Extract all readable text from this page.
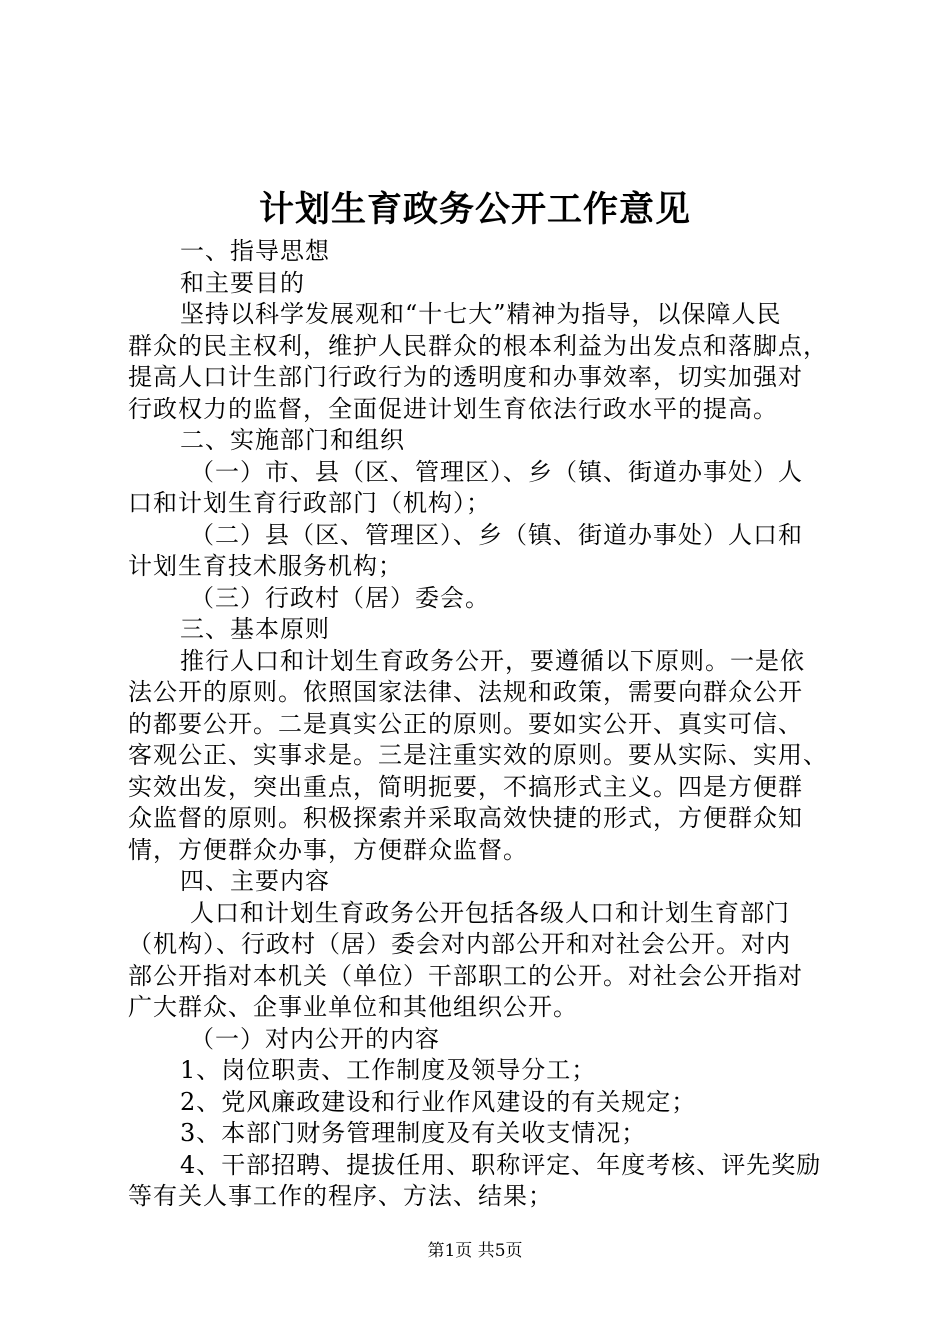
计划生育政务公开工作意见
一、指导思想
和主要目的
坚持以科学发展观和“十七大”精神为指导，以保障人民
群众的民主权利，维护人民群众的根本利益为出发点和落脚点，
提高人口计生部门行政行为的透明度和办事效率，切实加强对
行政权力的监督，全面促进计划生育依法行政水平的提高。
二、实施部门和组织
（一）市、县（区、管理区）、乡（镇、街道办事处）人
口和计划生育行政部门（机构）；
（二）县（区、管理区）、乡（镇、街道办事处）人口和
计划生育技术服务机构；
（三）行政村（居）委会。
三、基本原则
推行人口和计划生育政务公开，要遵循以下原则。一是依
法公开的原则。依照国家法律、法规和政策，需要向群众公开
的都要公开。二是真实公正的原则。要如实公开、真实可信、
客观公正、实事求是。三是注重实效的原则。要从实际、实用、
实效出发，突出重点，简明扼要，不搞形式主义。四是方便群
众监督的原则。积极探索并采取高效快捷的形式，方便群众知
情，方便群众办事，方便群众监督。
四、主要内容
人口和计划生育政务公开包括各级人口和计划生育部门
（机构）、行政村（居）委会对内部公开和对社会公开。对内
部公开指对本机关（单位）干部职工的公开。对社会公开指对
广大群众、企事业单位和其他组织公开。
（一）对内公开的内容
1、岗位职责、工作制度及领导分工；
2、党风廉政建设和行业作风建设的有关规定；
3、本部门财务管理制度及有关收支情况；
4、干部招聘、提拔任用、职称评定、年度考核、评先奖励
等有关人事工作的程序、方法、结果；
第1页 共5页
